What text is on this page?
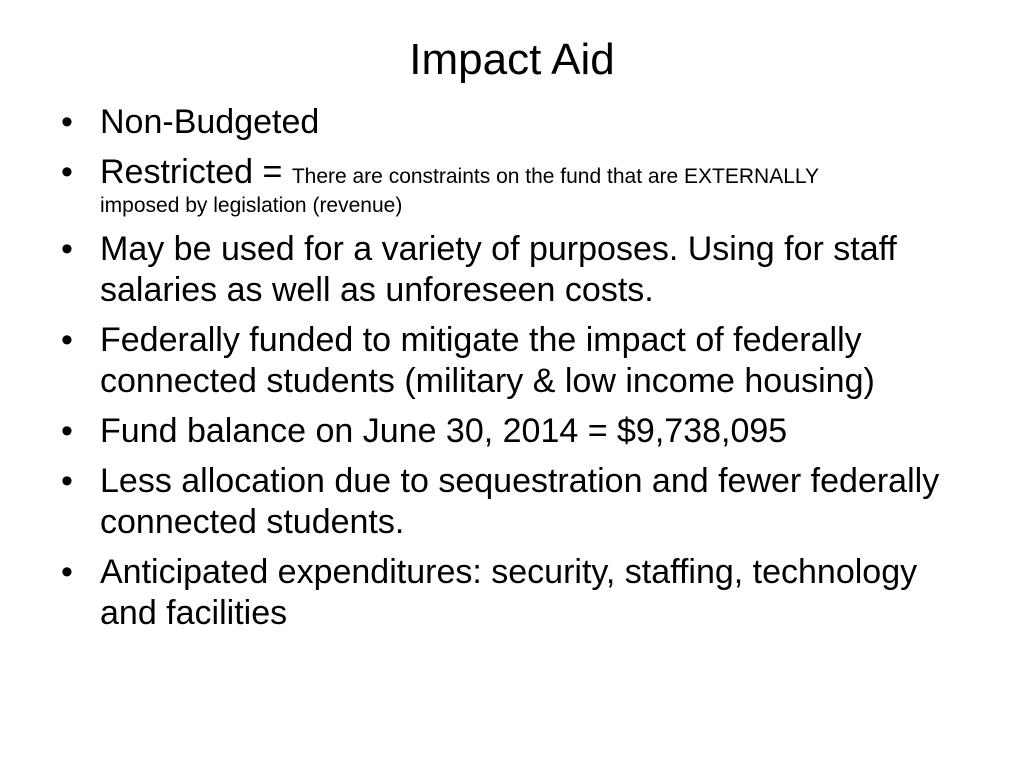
Impact Aid
• Non-Budgeted
• Restricted = There are constraints on the fund that are EXTERNALLY
imposed by legislation (revenue)
• May be used for a variety of purposes. Using for staff salaries as well as unforeseen costs.
• Federally funded to mitigate the impact of federally connected students (military & low income housing)
• Fund balance on June 30, 2014 = $9,738,095
• Less allocation due to sequestration and fewer federally connected students.
• Anticipated expenditures: security, staffing, technology and facilities
